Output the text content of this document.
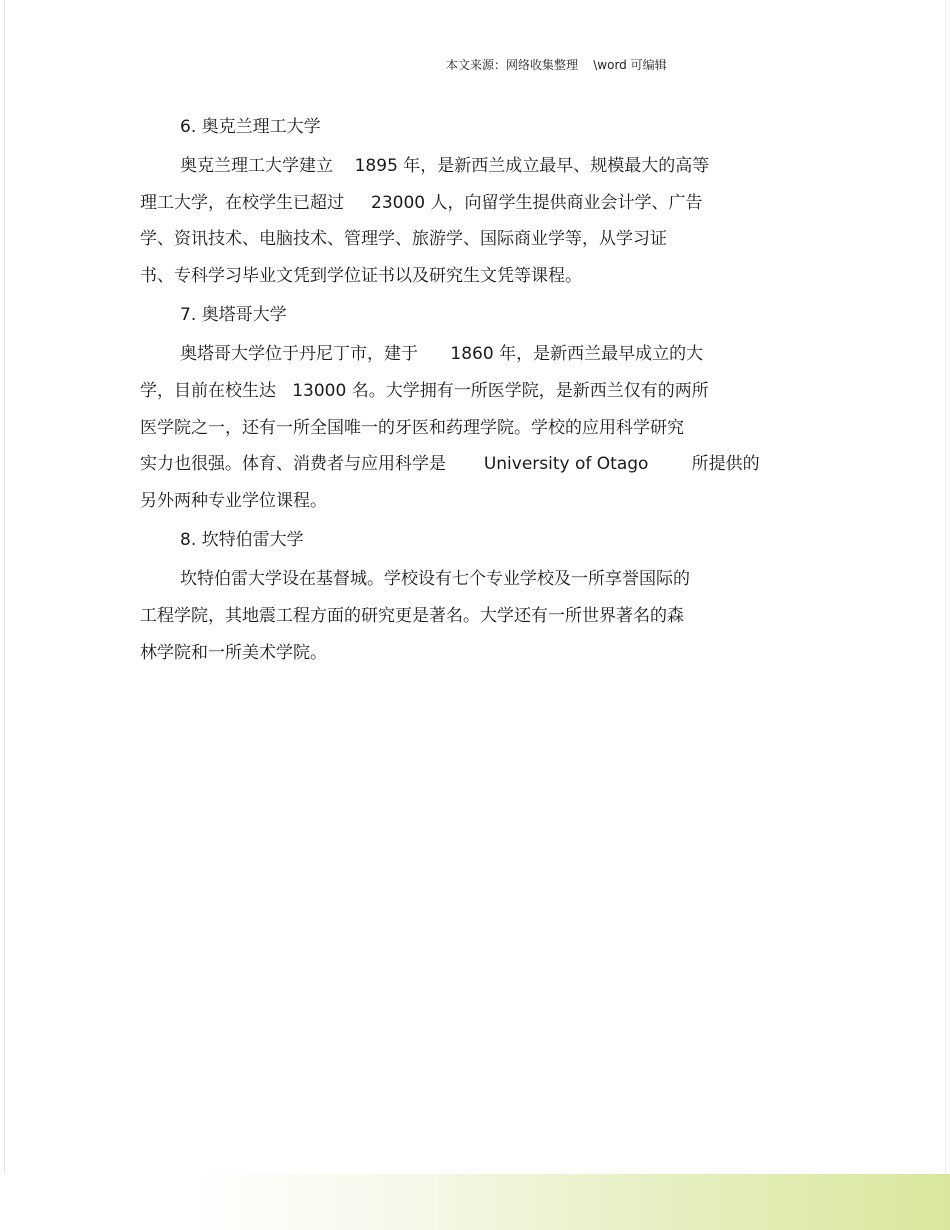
本文来源：网络收集整理    \word 可编辑
6. 奥克兰理工大学
奥克兰理工大学建立    1895 年，是新西兰成立最早、规模最大的高等
理工大学，在校学生已超过     23000 人，向留学生提供商业会计学、广告
学、资讯技术、电脑技术、管理学、旅游学、国际商业学等，从学习证
书、专科学习毕业文凭到学位证书以及研究生文凭等课程。
7. 奥塔哥大学
奥塔哥大学位于丹尼丁市，建于      1860 年，是新西兰最早成立的大
学，目前在校生达   13000 名。大学拥有一所医学院，是新西兰仅有的两所
医学院之一，还有一所全国唯一的牙医和药理学院。学校的应用科学研究
实力也很强。体育、消费者与应用科学是       University of Otago        所提供的
另外两种专业学位课程。
8. 坎特伯雷大学
坎特伯雷大学设在基督城。学校设有七个专业学校及一所享誉国际的
工程学院，其地震工程方面的研究更是著名。大学还有一所世界著名的森
林学院和一所美术学院。
